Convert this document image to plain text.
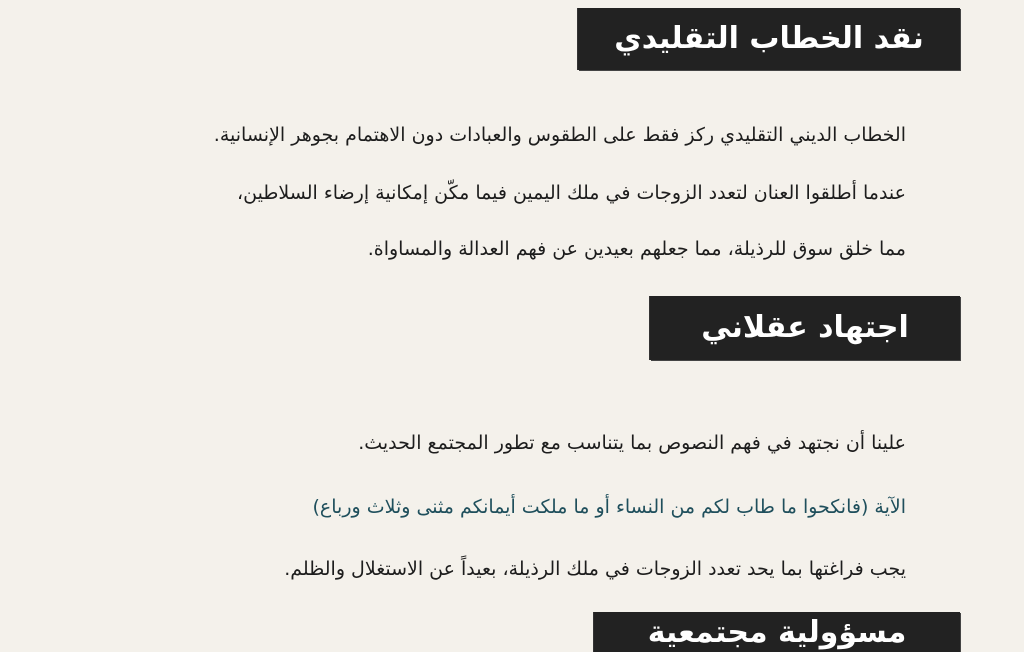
نقد الخطاب التقليدي
الخطاب الديني التقليدي ركز فقط على الطقوس والعبادات دون الاهتمام بجوهر الإنسانية.
عندما أطلقوا العنان لتعدد الزوجات في ملك اليمين فيما مكّن إمكانية إرضاء السلاطين،
مما خلق سوق للرذيلة، مما جعلهم بعيدين عن فهم العدالة والمساواة.
اجتهاد عقلاني
علينا أن نجتهد في فهم النصوص بما يتناسب مع تطور المجتمع الحديث.
الآية (فانكحوا ما طاب لكم من النساء أو ما ملكت أيمانكم مثنى وثلاث ورباع)
يجب فراغتها بما يحد تعدد الزوجات في ملك الرذيلة، بعيداً عن الاستغلال والظلم.
مسؤولية مجتمعية
